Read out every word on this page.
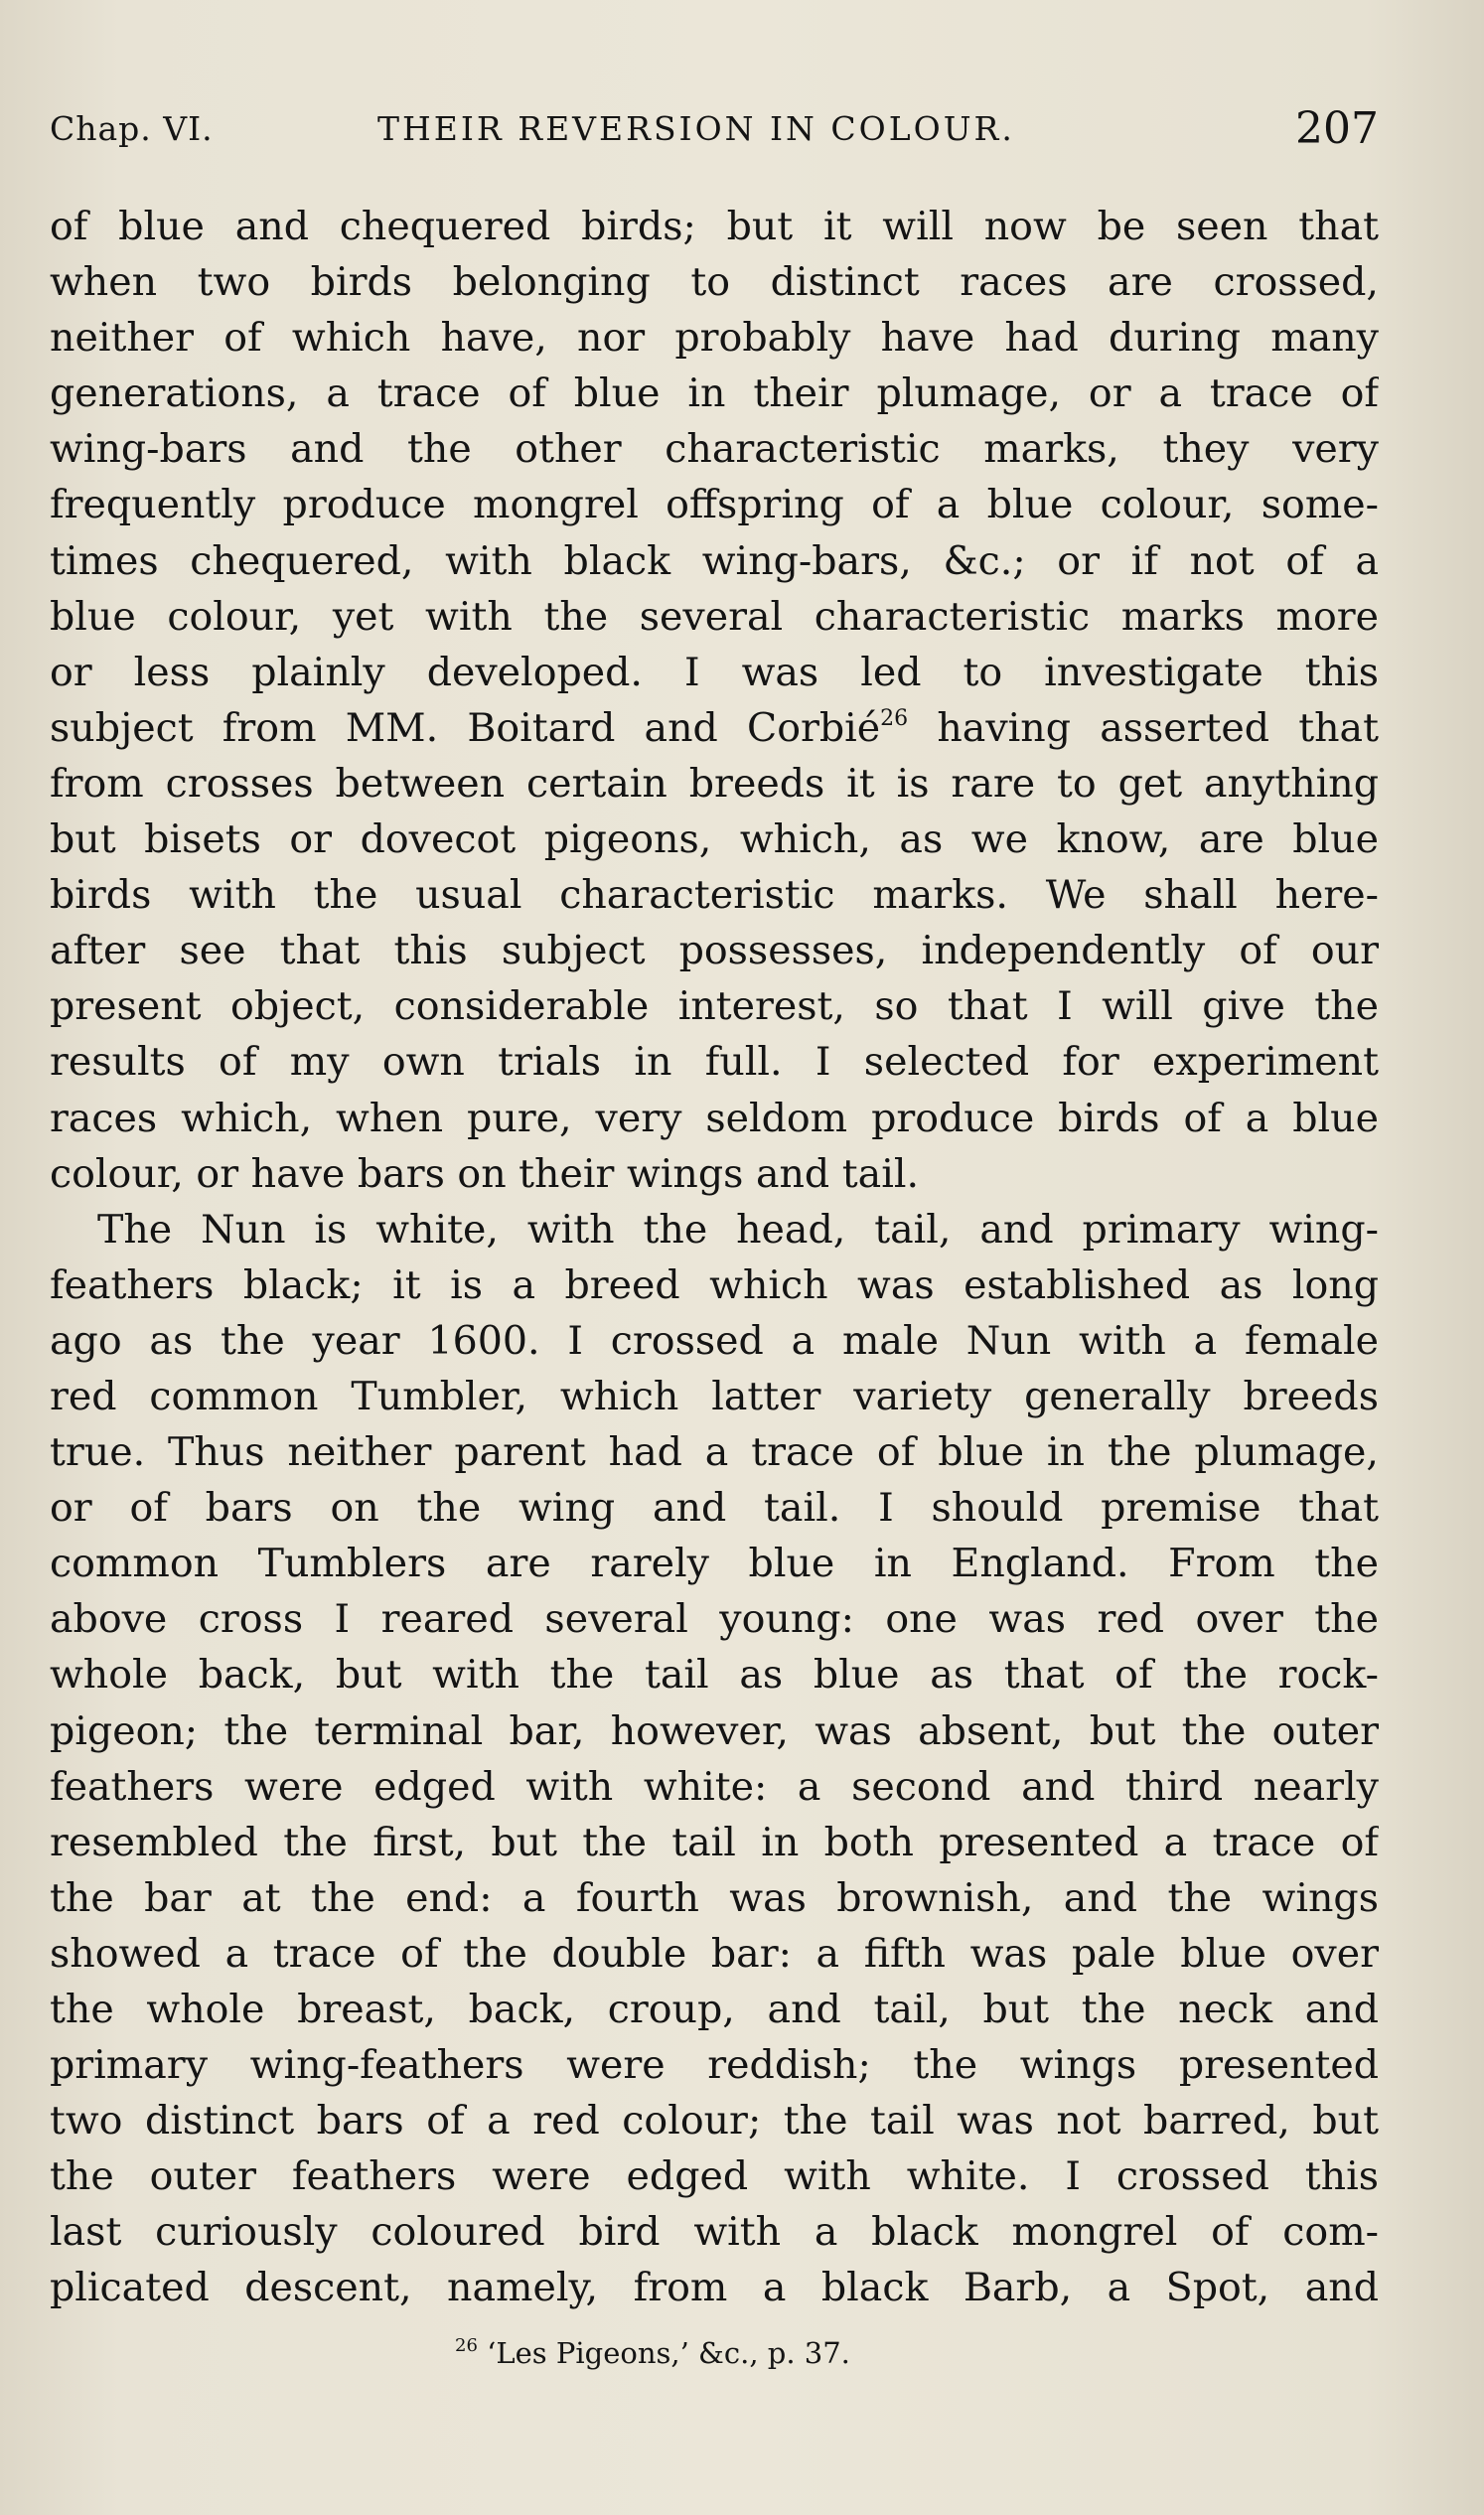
Chap. VI.	THEIR REVERSION IN COLOUR.	207
of blue and chequered birds; but it will now be seen that
when two birds belonging to distinct races are crossed,
neither of which have, nor probably have had during many
generations, a trace of blue in their plumage, or a trace of
wing-bars and the other characteristic marks, they very
frequently produce mongrel offspring of a blue colour, some-
times chequered, with black wing-bars, &c.; or if not of a
blue colour, yet with the several characteristic marks more
or less plainly developed. I was led to investigate this
subject from MM. Boitard and Corbié$^{26}$ having asserted that
from crosses between certain breeds it is rare to get anything
but bisets or dovecot pigeons, which, as we know, are blue
birds with the usual characteristic marks. We shall here-
after see that this subject possesses, independently of our
present object, considerable interest, so that I will give the
results of my own trials in full. I selected for experiment
races which, when pure, very seldom produce birds of a blue
colour, or have bars on their wings and tail.
The Nun is white, with the head, tail, and primary wing-
feathers black; it is a breed which was established as long
ago as the year 1600. I crossed a male Nun with a female
red common Tumbler, which latter variety generally breeds
true. Thus neither parent had a trace of blue in the plumage,
or of bars on the wing and tail. I should premise that
common Tumblers are rarely blue in England. From the
above cross I reared several young: one was red over the
whole back, but with the tail as blue as that of the rock-
pigeon; the terminal bar, however, was absent, but the outer
feathers were edged with white: a second and third nearly
resembled the first, but the tail in both presented a trace of
the bar at the end: a fourth was brownish, and the wings
showed a trace of the double bar: a fifth was pale blue over
the whole breast, back, croup, and tail, but the neck and
primary wing-feathers were reddish; the wings presented
two distinct bars of a red colour; the tail was not barred, but
the outer feathers were edged with white. I crossed this
last curiously coloured bird with a black mongrel of com-
plicated descent, namely, from a black Barb, a Spot, and
$^{26}$ ‘Les Pigeons,’ &c., p. 37.
